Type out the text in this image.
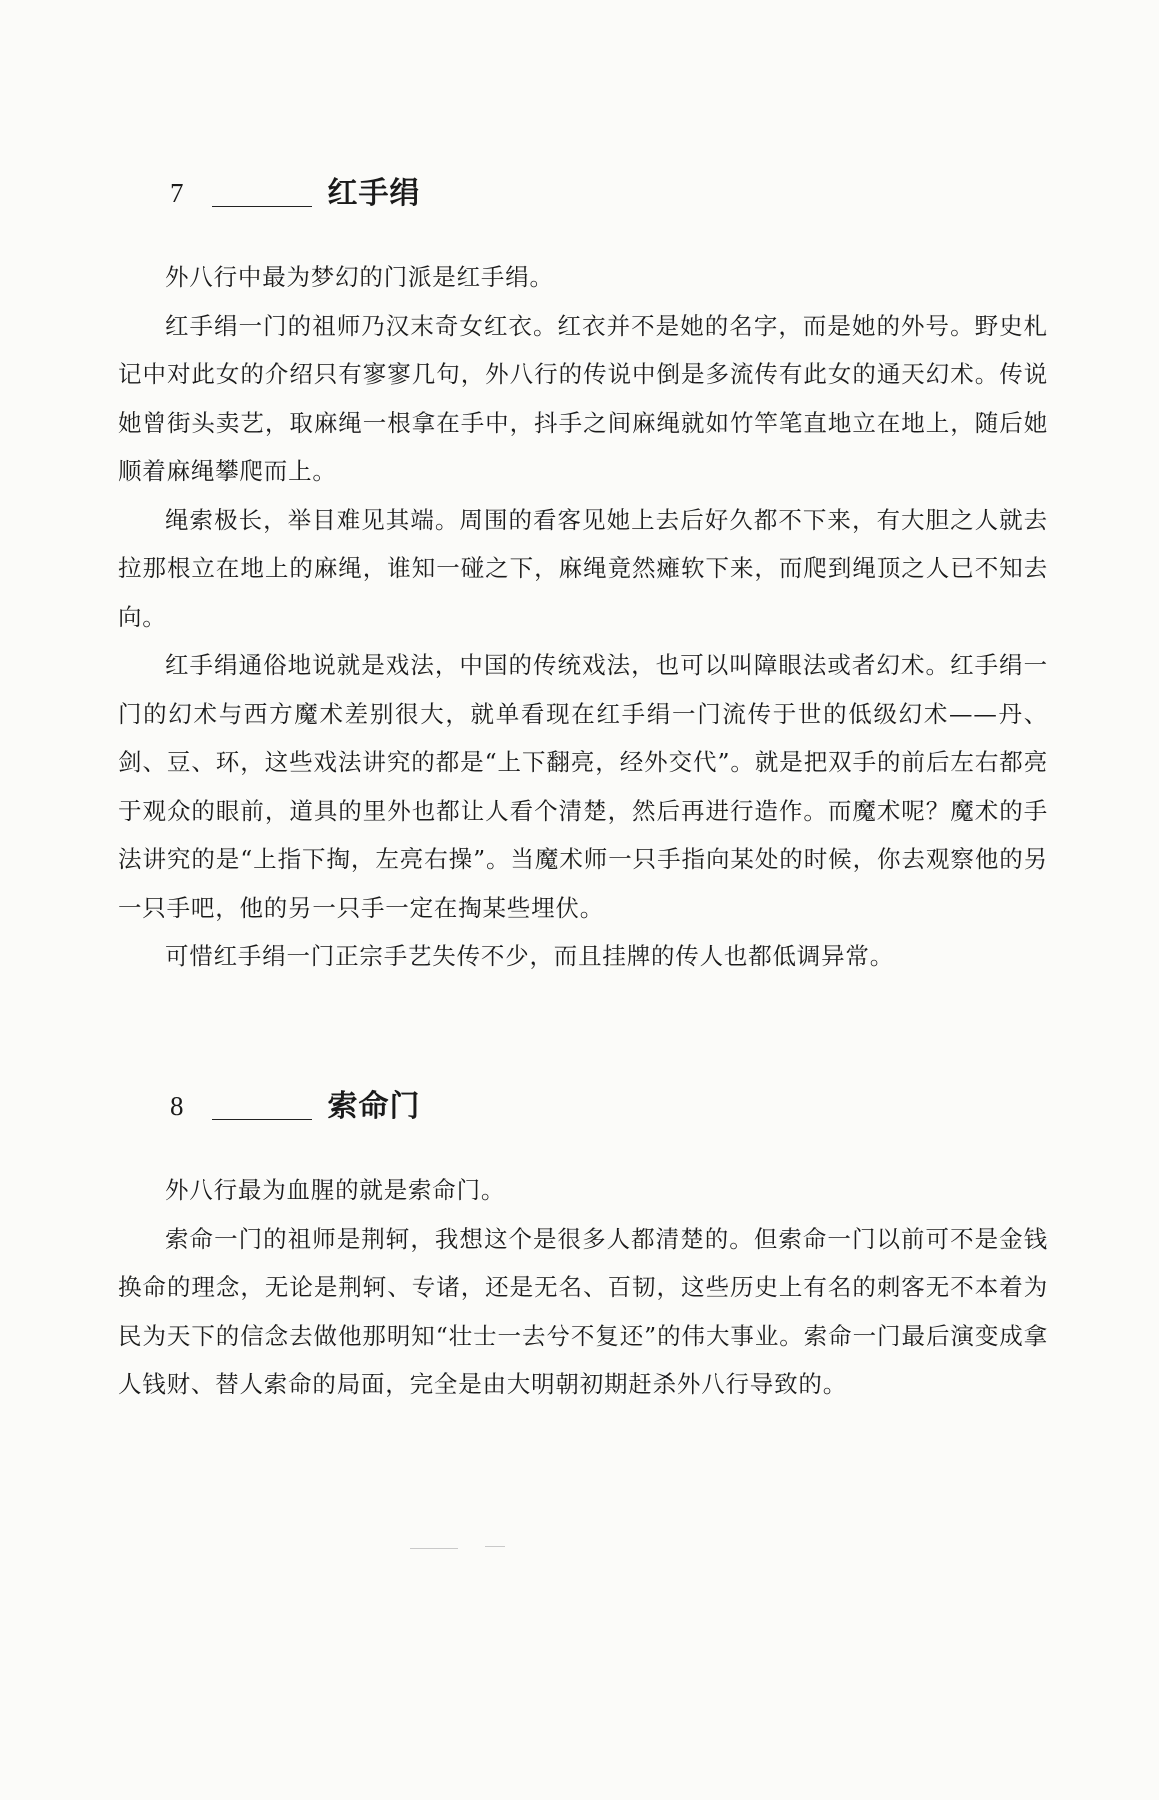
7	红手绢

外八行中最为梦幻的门派是红手绢。

红手绢一门的祖师乃汉末奇女红衣。红衣并不是她的名字，而是她的外号。野史札记中对此女的介绍只有寥寥几句，外八行的传说中倒是多流传有此女的通天幻术。传说她曾街头卖艺，取麻绳一根拿在手中，抖手之间麻绳就如竹竿笔直地立在地上，随后她顺着麻绳攀爬而上。

绳索极长，举目难见其端。周围的看客见她上去后好久都不下来，有大胆之人就去拉那根立在地上的麻绳，谁知一碰之下，麻绳竟然瘫软下来，而爬到绳顶之人已不知去向。

红手绢通俗地说就是戏法，中国的传统戏法，也可以叫障眼法或者幻术。红手绢一门的幻术与西方魔术差别很大，就单看现在红手绢一门流传于世的低级幻术——丹、剑、豆、环，这些戏法讲究的都是“上下翻亮，经外交代”。就是把双手的前后左右都亮于观众的眼前，道具的里外也都让人看个清楚，然后再进行造作。而魔术呢？魔术的手法讲究的是“上指下掏，左亮右操”。当魔术师一只手指向某处的时候，你去观察他的另一只手吧，他的另一只手一定在掏某些埋伏。

可惜红手绢一门正宗手艺失传不少，而且挂牌的传人也都低调异常。

8	索命门

外八行最为血腥的就是索命门。

索命一门的祖师是荆轲，我想这个是很多人都清楚的。但索命一门以前可不是金钱换命的理念，无论是荆轲、专诸，还是无名、百韧，这些历史上有名的刺客无不本着为民为天下的信念去做他那明知“壮士一去兮不复还”的伟大事业。索命一门最后演变成拿人钱财、替人索命的局面，完全是由大明朝初期赶杀外八行导致的。
